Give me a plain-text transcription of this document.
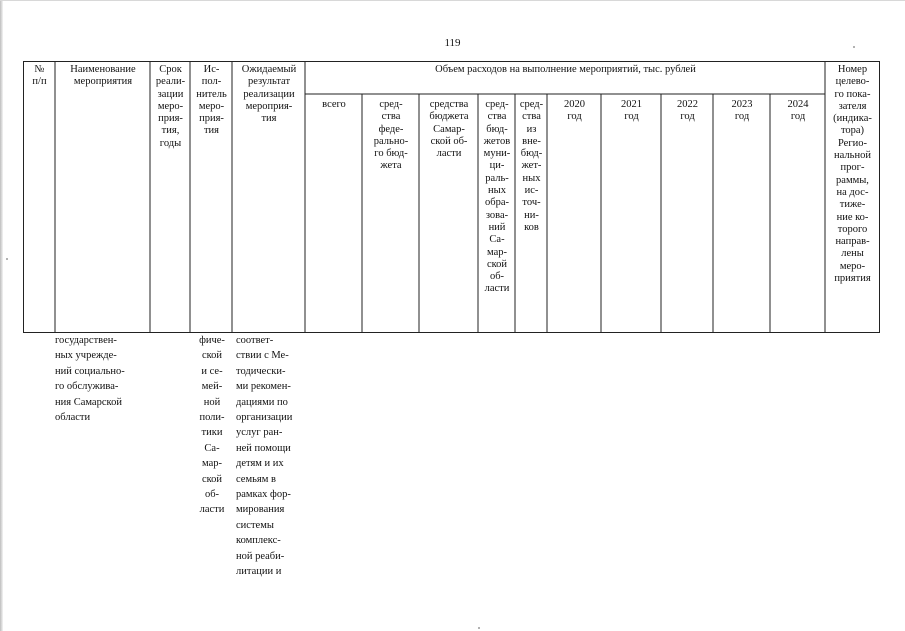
119
№
п/п
Наименование
мероприятия
Срок
реали-
зации
меро-
прия-
тия,
годы
Ис-
пол-
нитель
меро-
прия-
тия
Ожидаемый
результат
реализации
мероприя-
тия
Объем расходов на выполнение мероприятий, тыс. рублей
всего	сред-
ства
феде-
рально-
го бюд-
жета
средства
бюджета
Самар-
ской об-
ласти
сред-
ства
бюд-
жетов
муни-
ци-
pаль-
ных
обра-
зова-
ний
Са-
мар-
ской
об-
ласти
сред-
ства
из
вне-
бюд-
жет-
ных
ис-
точ-
ни-
ков
2020
год
2021
год
2022
год
2023
год
2024
год
Номер
целево-
го пока-
зателя
(индика-
тора)
Регио-
нальной
прог-
раммы,
на дос-
тиже-
ние ко-
торого
направ-
лены
меро-
приятия
государствен-
ных учрежде-
ний социально-
го обслужива-
ния Самарской
области
фиче-
ской
и се-
мей-
ной
поли-
тики
Са-
мар-
ской
об-
ласти
соответ-
ствии с Ме-
тодически-
ми рекомен-
дациями по
организации
услуг ран-
ней помощи
детям и их
семьям в
рамках фор-
мирования
системы
комплекс-
ной реаби-
литации и
